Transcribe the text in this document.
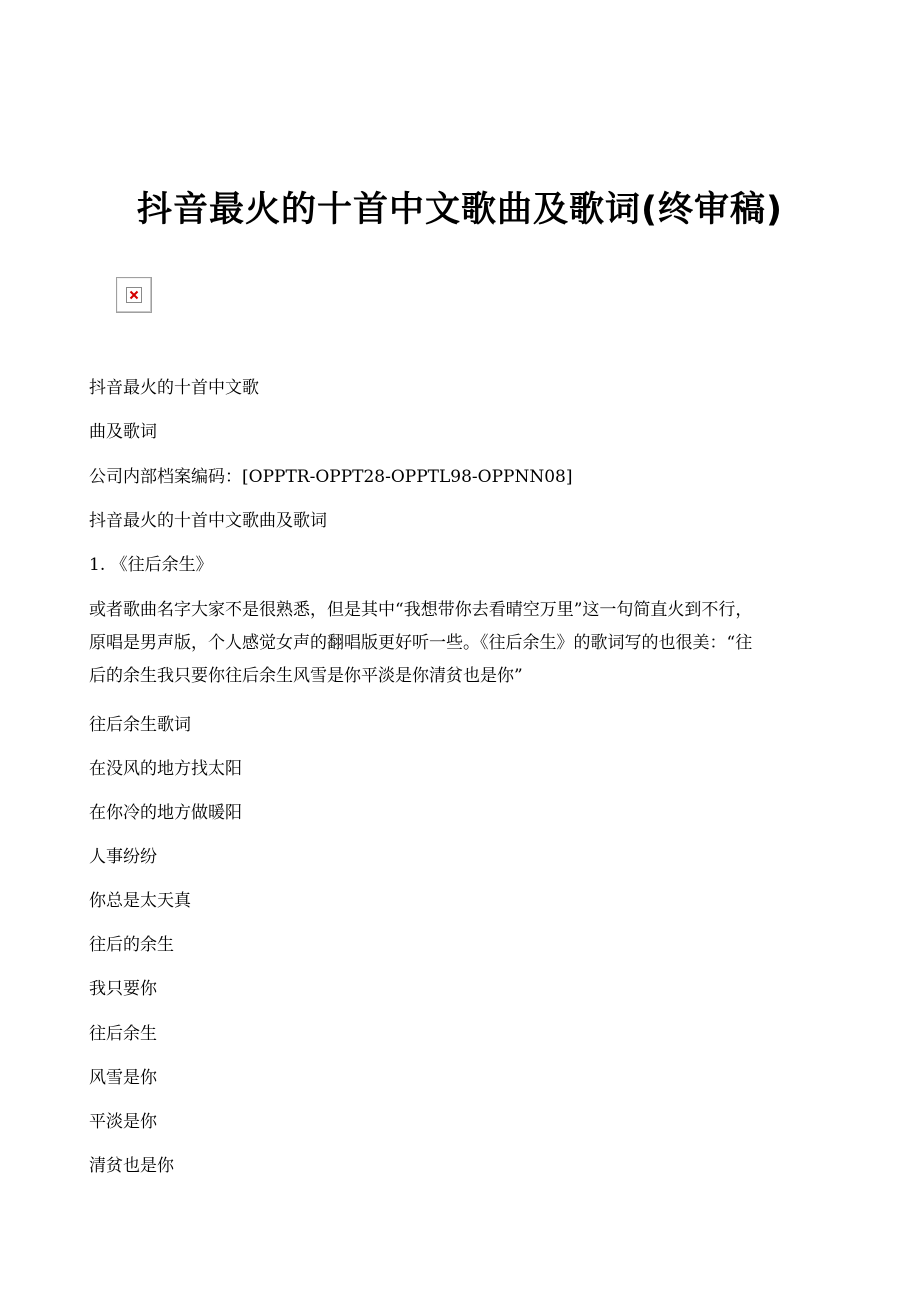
抖音最火的十首中文歌曲及歌词(终审稿)
抖音最火的十首中文歌
曲及歌词
公司内部档案编码：[OPPTR-OPPT28-OPPTL98-OPPNN08]
抖音最火的十首中文歌曲及歌词
1. 《往后余生》
或者歌曲名字大家不是很熟悉，但是其中“我想带你去看晴空万里”这一句简直火到不行，
原唱是男声版，个人感觉女声的翻唱版更好听一些。《往后余生》的歌词写的也很美：“往
后的余生我只要你往后余生风雪是你平淡是你清贫也是你”
往后余生歌词
在没风的地方找太阳
在你冷的地方做暖阳
人事纷纷
你总是太天真
往后的余生
我只要你
往后余生
风雪是你
平淡是你
清贫也是你
